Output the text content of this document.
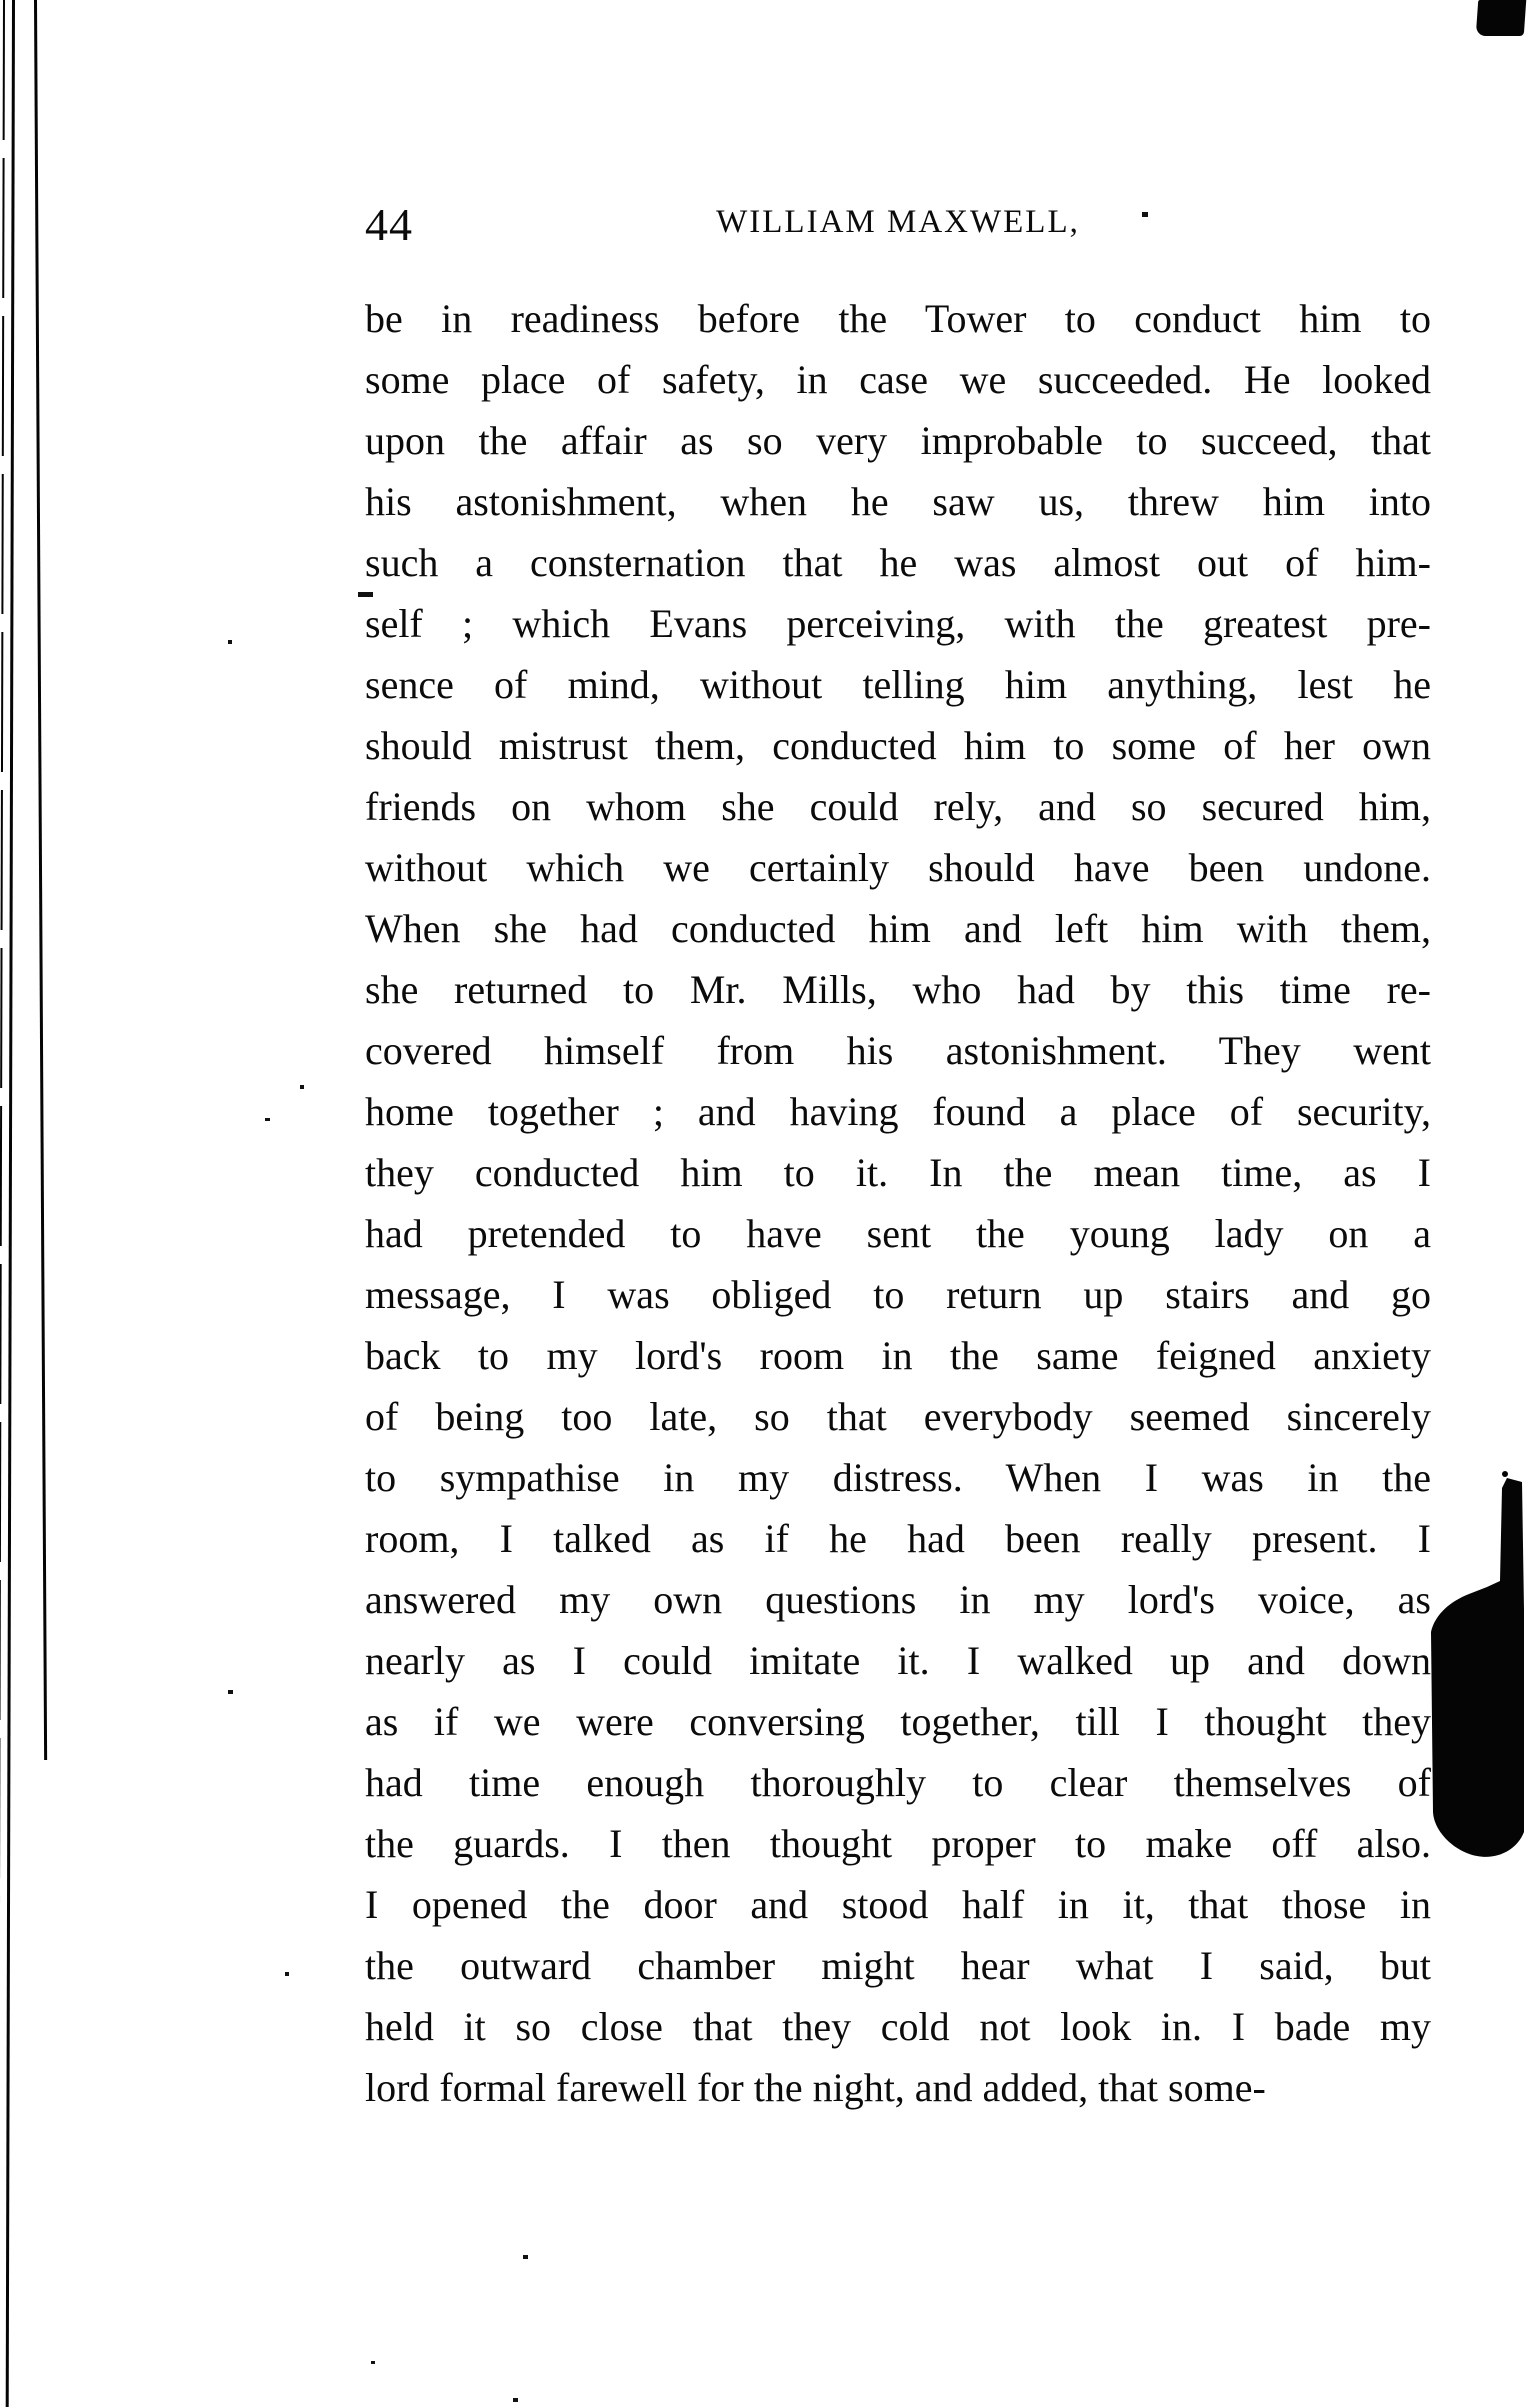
44	WILLIAM MAXWELL,
be in readiness before the Tower to conduct him to
some place of safety, in case we succeeded. He looked
upon the affair as so very improbable to succeed, that
his astonishment, when he saw us, threw him into
such a consternation that he was almost out of him-
self ; which Evans perceiving, with the greatest pre-
sence of mind, without telling him anything, lest he
should mistrust them, conducted him to some of her own
friends on whom she could rely, and so secured him,
without which we certainly should have been undone.
When she had conducted him and left him with them,
she returned to Mr. Mills, who had by this time re-
covered himself from his astonishment. They went
home together ; and having found a place of security,
they conducted him to it. In the mean time, as I
had pretended to have sent the young lady on a
message, I was obliged to return up stairs and go
back to my lord's room in the same feigned anxiety
of being too late, so that everybody seemed sincerely
to sympathise in my distress. When I was in the
room, I talked as if he had been really present. I
answered my own questions in my lord's voice, as
nearly as I could imitate it. I walked up and down
as if we were conversing together, till I thought they
had time enough thoroughly to clear themselves of
the guards. I then thought proper to make off also.
I opened the door and stood half in it, that those in
the outward chamber might hear what I said, but
held it so close that they cold not look in. I bade my
lord formal farewell for the night, and added, that some-
